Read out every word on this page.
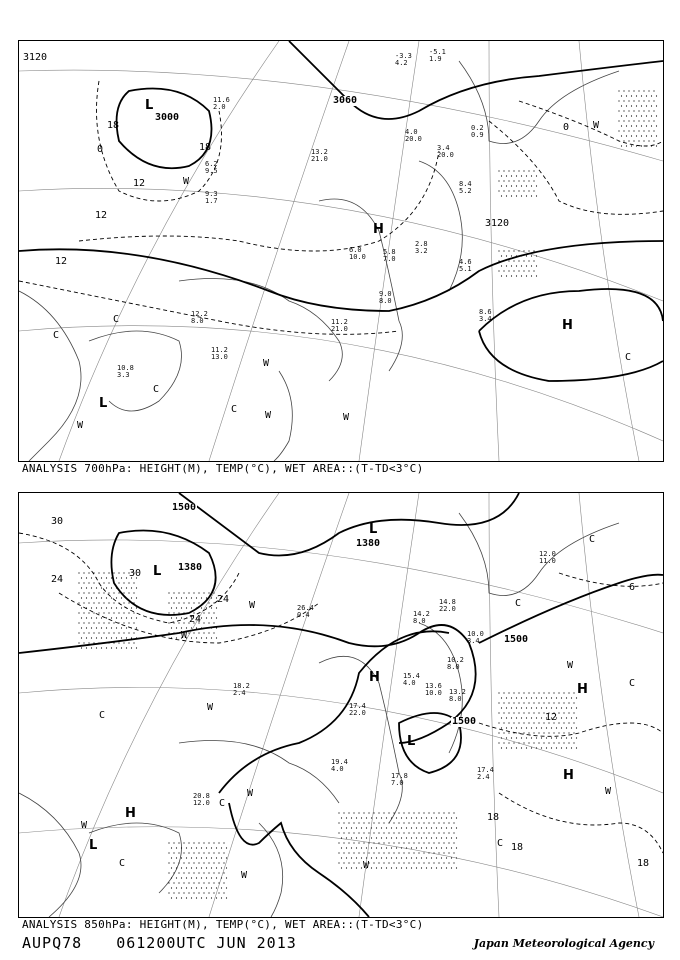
3120
3000
3060
3120
L
H
L
H
18
0	18
12
12
12
0
W
W
C
C
W
W
C
W	W
C
C
11.6
2.0
6.2
9.5
9.3
1.7
13.2
21.0
4.0
20.0
3.4
20.0
6.0
10.0
2.8
3.2
8.6
3.4
9.0
8.0
11.2
21.0
12.2
8.0
11.2
13.0
10.8
3.3
5.8
7.0
8.4
5.2
4.6
5.1
0.2
0.9
-5.1
1.9
-3.3
4.2
ANALYSIS 700hPa: HEIGHT(M), TEMP(°C), WET AREA::(T-TD<3°C)
1500
1380
1380
1500
1500
L
L
H
L
H
L
H
H
30
24
30
24
24
12
18
18
18
6
W
W
C
W
C
W
C
W
W
W
C
C
C
C
W
W
14.2
8.0
14.8
22.0
13.6
10.0
17.4
22.0
13.2
8.0
20.8
12.0
17.8
7.0
17.4
2.4
10.2
8.0
19.4
4.0
12.0
11.0
10.0
3.4
15.4
4.0
26.4
0.4
18.2
2.4
ANALYSIS 850hPa: HEIGHT(M), TEMP(°C), WET AREA::(T-TD<3°C)
AUPQ78 061200UTC JUN 2013	Japan Meteorological Agency
